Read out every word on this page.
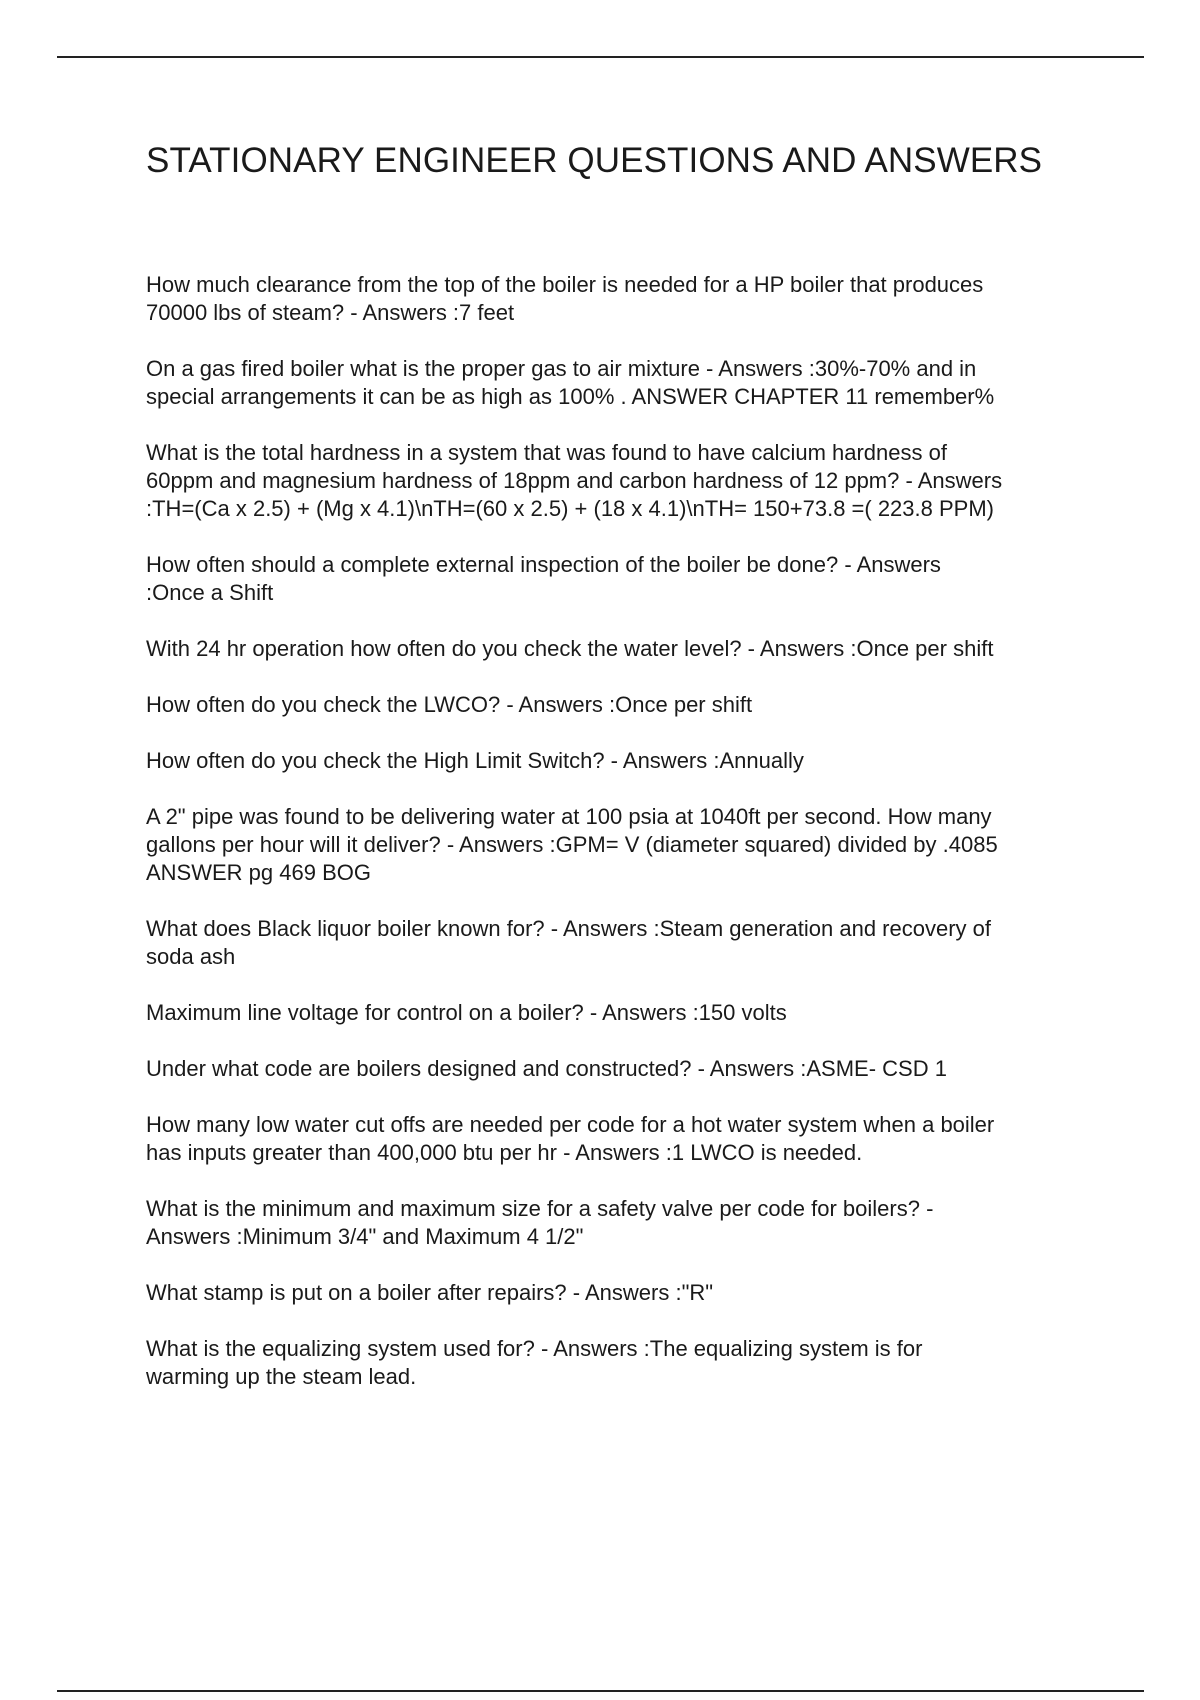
STATIONARY ENGINEER QUESTIONS AND ANSWERS
How much clearance from the top of the boiler is needed for a HP boiler that produces
70000 lbs of steam? - Answers :7 feet
On a gas fired boiler what is the proper gas to air mixture - Answers :30%-70% and in
special arrangements it can be as high as 100% . ANSWER CHAPTER 11 remember%
What is the total hardness in a system that was found to have calcium hardness of
60ppm and magnesium hardness of 18ppm and carbon hardness of 12 ppm? - Answers
:TH=(Ca x 2.5) + (Mg x 4.1)\nTH=(60 x 2.5) + (18 x 4.1)\nTH= 150+73.8 =( 223.8 PPM)
How often should a complete external inspection of the boiler be done? - Answers
:Once a Shift
With 24 hr operation how often do you check the water level? - Answers :Once per shift
How often do you check the LWCO? - Answers :Once per shift
How often do you check the High Limit Switch? - Answers :Annually
A 2" pipe was found to be delivering water at 100 psia at 1040ft per second. How many
gallons per hour will it deliver? - Answers :GPM= V (diameter squared) divided by .4085
ANSWER pg 469 BOG
What does Black liquor boiler known for? - Answers :Steam generation and recovery of
soda ash
Maximum line voltage for control on a boiler? - Answers :150 volts
Under what code are boilers designed and constructed? - Answers :ASME- CSD 1
How many low water cut offs are needed per code for a hot water system when a boiler
has inputs greater than 400,000 btu per hr - Answers :1 LWCO is needed.
What is the minimum and maximum size for a safety valve per code for boilers? -
Answers :Minimum 3/4" and Maximum 4 1/2"
What stamp is put on a boiler after repairs? - Answers :"R"
What is the equalizing system used for? - Answers :The equalizing system is for
warming up the steam lead.
